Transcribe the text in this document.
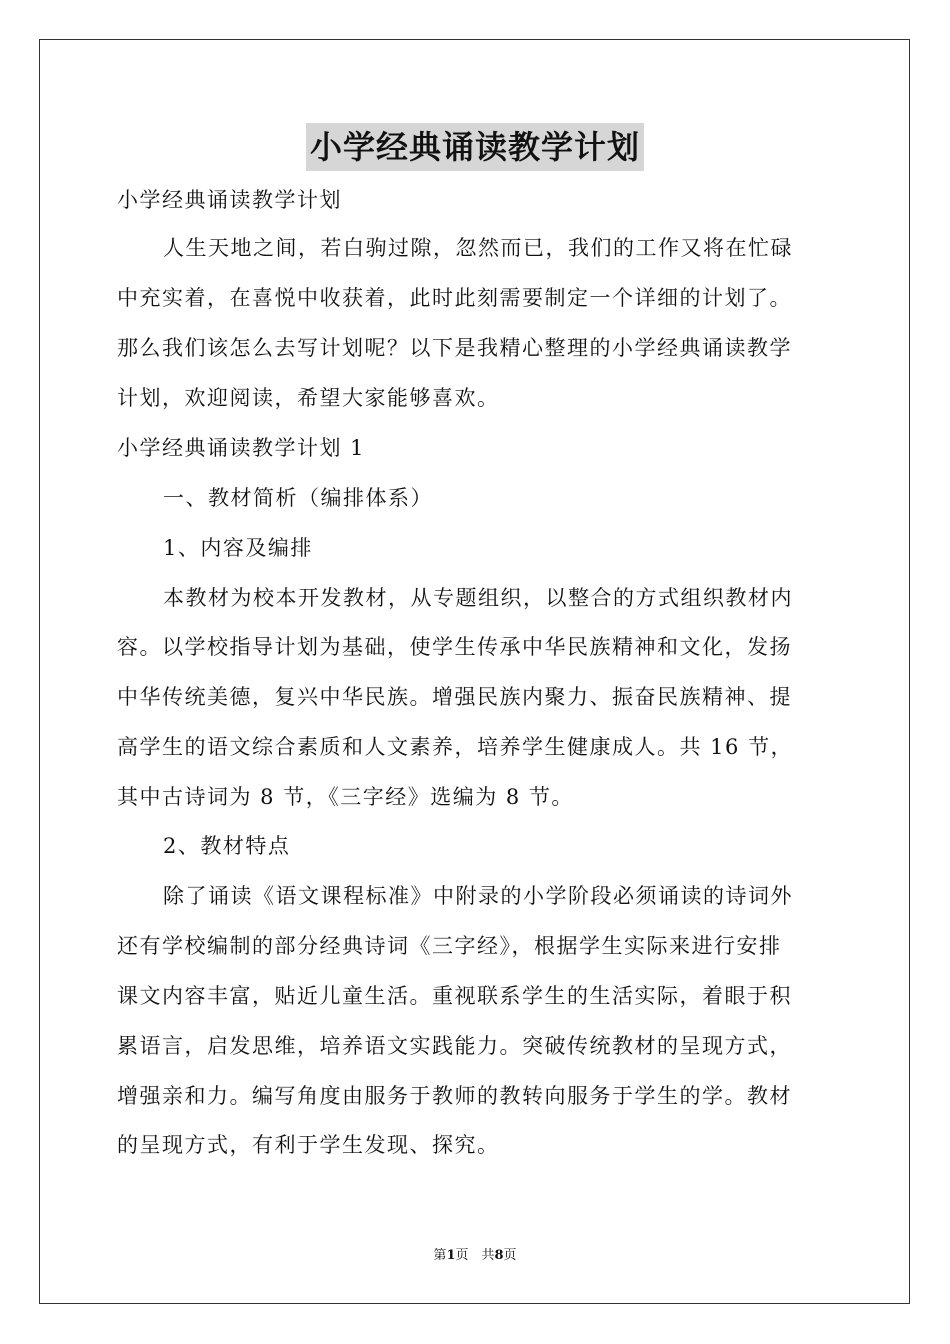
小学经典诵读教学计划
小学经典诵读教学计划
人生天地之间，若白驹过隙，忽然而已，我们的工作又将在忙碌
中充实着，在喜悦中收获着，此时此刻需要制定一个详细的计划了。
那么我们该怎么去写计划呢？以下是我精心整理的小学经典诵读教学
计划，欢迎阅读，希望大家能够喜欢。
小学经典诵读教学计划 1
一、教材简析（编排体系）
1、内容及编排
本教材为校本开发教材，从专题组织，以整合的方式组织教材内
容。以学校指导计划为基础，使学生传承中华民族精神和文化，发扬
中华传统美德，复兴中华民族。增强民族内聚力、振奋民族精神、提
高学生的语文综合素质和人文素养，培养学生健康成人。共 16 节，
其中古诗词为 8 节，《三字经》选编为 8 节。
2、教材特点
除了诵读《语文课程标准》中附录的小学阶段必须诵读的诗词外
还有学校编制的部分经典诗词《三字经》，根据学生实际来进行安排
课文内容丰富，贴近儿童生活。重视联系学生的生活实际，着眼于积
累语言，启发思维，培养语文实践能力。突破传统教材的呈现方式，
增强亲和力。编写角度由服务于教师的教转向服务于学生的学。教材
的呈现方式，有利于学生发现、探究。
第1页　共8页
